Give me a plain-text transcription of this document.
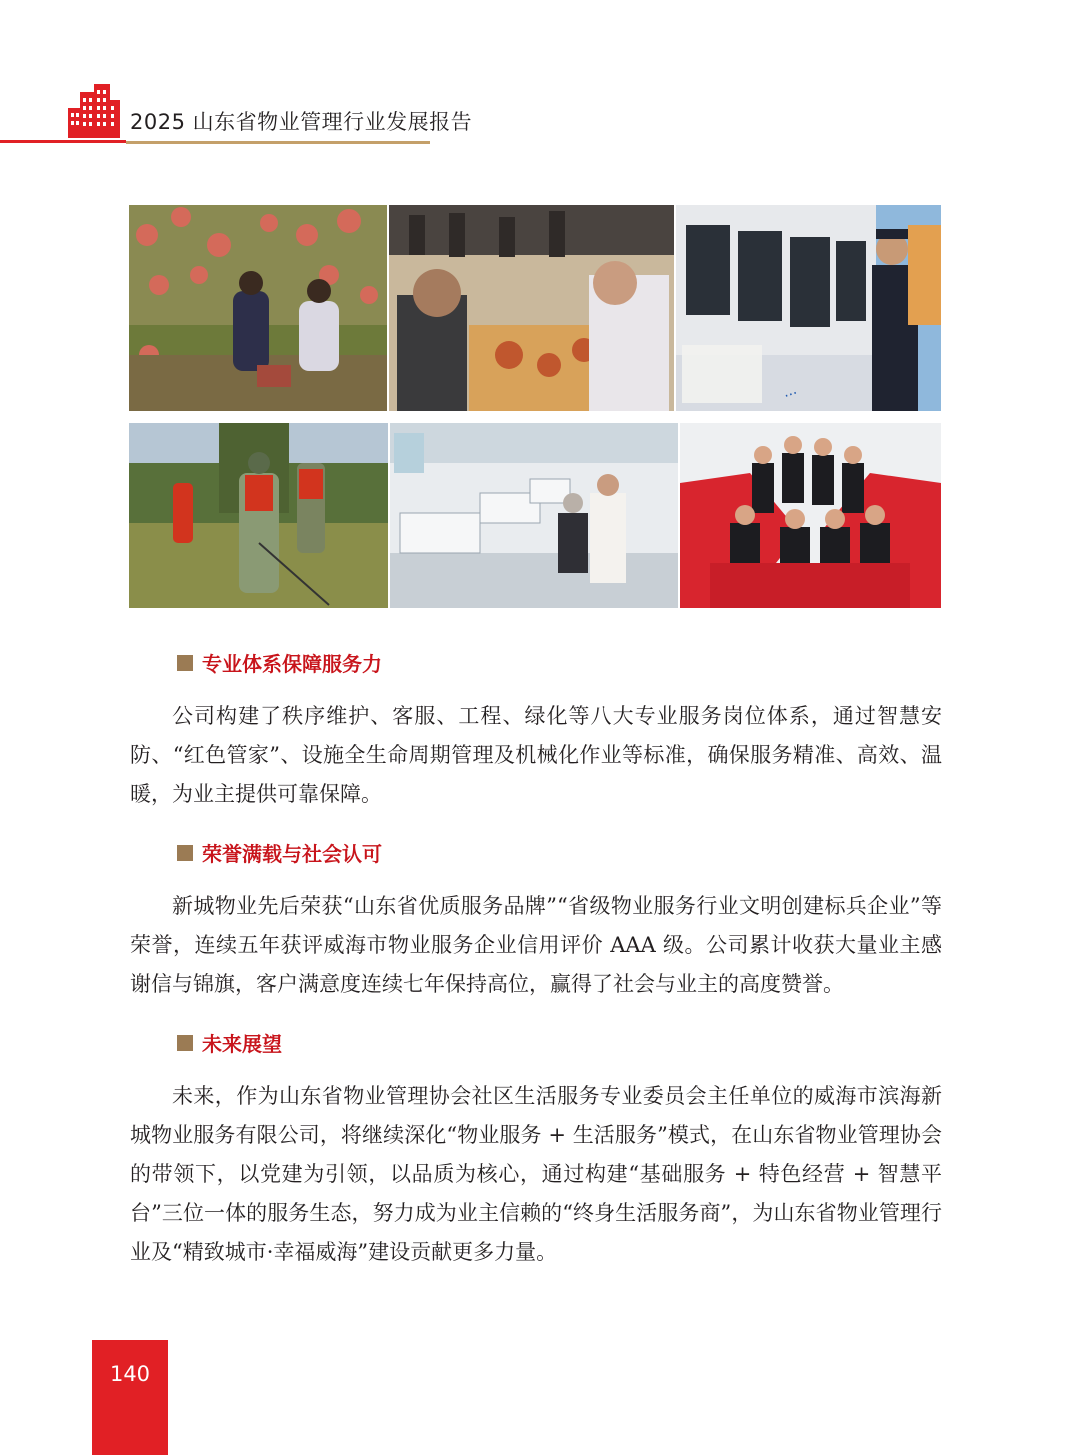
2025 山东省物业管理行业发展报告
···
专业体系保障服务力

公司构建了秩序维护、客服、工程、绿化等八大专业服务岗位体系，通过智慧安防、“红色管家”、设施全生命周期管理及机械化作业等标准，确保服务精准、高效、温暖，为业主提供可靠保障。

荣誉满载与社会认可

新城物业先后荣获“山东省优质服务品牌”“省级物业服务行业文明创建标兵企业”等荣誉，连续五年获评威海市物业服务企业信用评价 AAA 级。公司累计收获大量业主感谢信与锦旗，客户满意度连续七年保持高位，赢得了社会与业主的高度赞誉。

未来展望

未来，作为山东省物业管理协会社区生活服务专业委员会主任单位的威海市滨海新城物业服务有限公司，将继续深化“物业服务 + 生活服务”模式，在山东省物业管理协会的带领下，以党建为引领，以品质为核心，通过构建“基础服务 + 特色经营 + 智慧平台”三位一体的服务生态，努力成为业主信赖的“终身生活服务商”，为山东省物业管理行业及“精致城市·幸福威海”建设贡献更多力量。

140
